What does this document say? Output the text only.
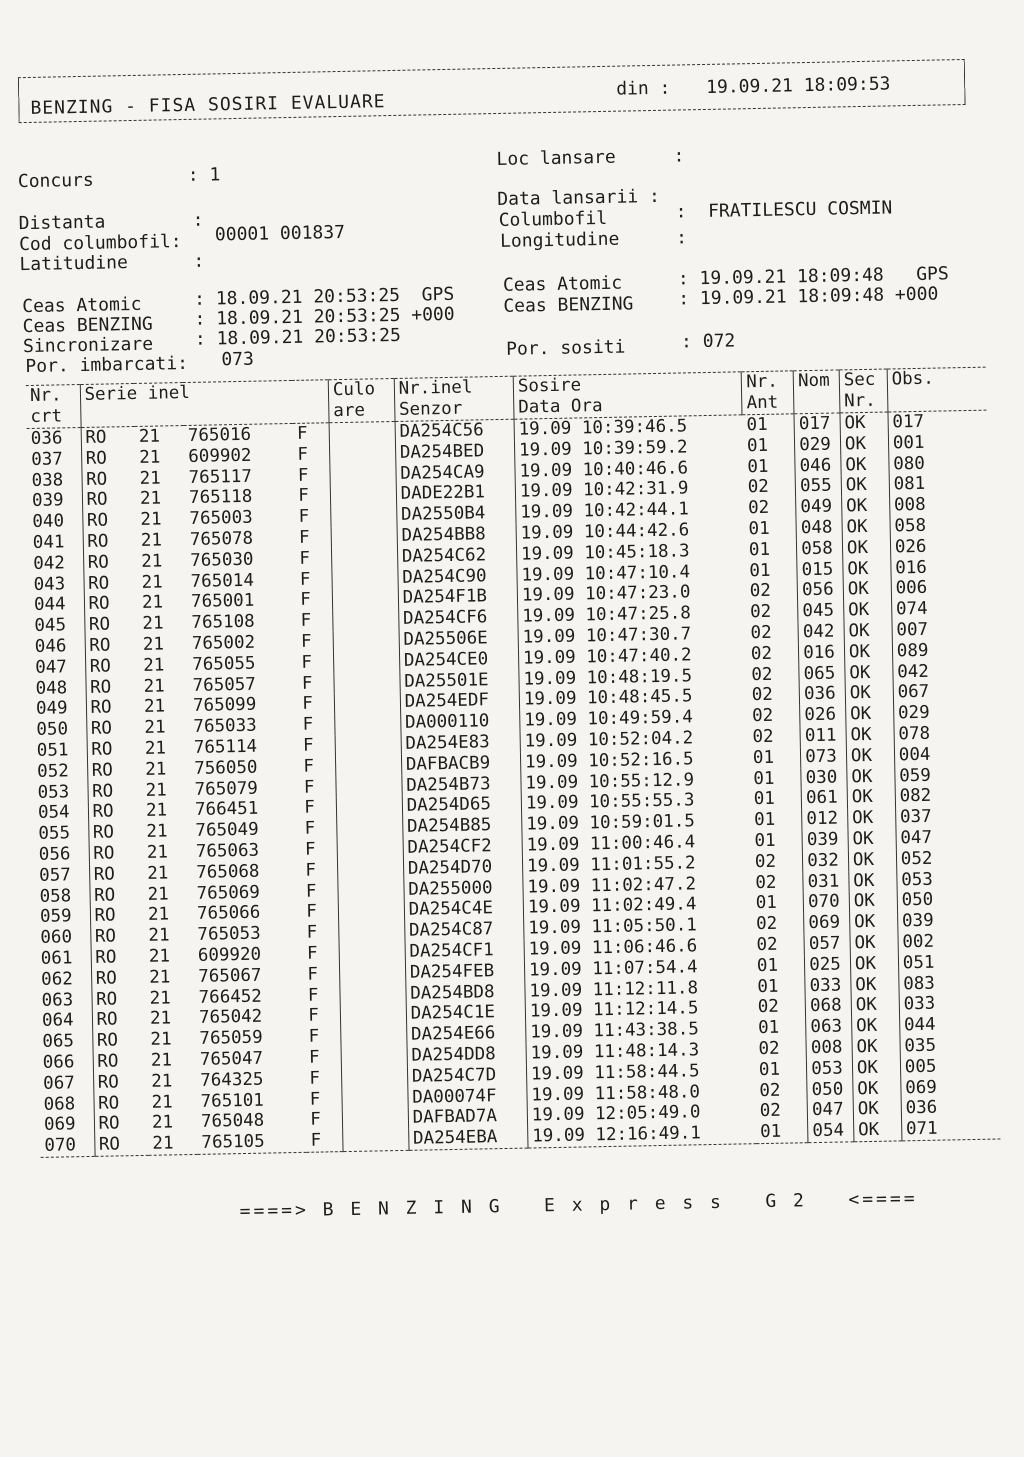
BENZING - FISA SOSIRI EVALUARE
din : 19.09.21 18:09:53
Concurs	: 1
Distanta	:
Cod columbofil: 00001 001837
Latitudine	:
Ceas Atomic	: 18.09.21 20:53:25  GPS
Ceas BENZING : 18.09.21 20:53:25 +000
Sincronizare : 18.09.21 20:53:25
Por. imbarcati: 073
Loc lansare	:
Data lansarii :
Columbofil	:  FRATILESCU COSMIN
Longitudine	:
Ceas Atomic	: 19.09.21 18:09:48   GPS
Ceas BENZING : 19.09.21 18:09:48 +000
Por. sositi	: 072
Nr. crt	Serie inel				Culo are	Nr.inel Senzor	Sosire
Data Ora	Nr. Ant	Nom	Sec Nr.	Obs.
036	RO	21	765016	F		DA254C56	19.09 10:39:46.5	01	017	OK	017
037	RO	21	609902	F		DA254BED	19.09 10:39:59.2	01	029	OK	001
038	RO	21	765117	F		DA254CA9	19.09 10:40:46.6	01	046	OK	080
039	RO	21	765118	F		DADE22B1	19.09 10:42:31.9	02	055	OK	081
040	RO	21	765003	F		DA2550B4	19.09 10:42:44.1	02	049	OK	008
041	RO	21	765078	F		DA254BB8	19.09 10:44:42.6	01	048	OK	058
042	RO	21	765030	F		DA254C62	19.09 10:45:18.3	01	058	OK	026
043	RO	21	765014	F		DA254C90	19.09 10:47:10.4	01	015	OK	016
044	RO	21	765001	F		DA254F1B	19.09 10:47:23.0	02	056	OK	006
045	RO	21	765108	F		DA254CF6	19.09 10:47:25.8	02	045	OK	074
046	RO	21	765002	F		DA25506E	19.09 10:47:30.7	02	042	OK	007
047	RO	21	765055	F		DA254CE0	19.09 10:47:40.2	02	016	OK	089
048	RO	21	765057	F		DA25501E	19.09 10:48:19.5	02	065	OK	042
049	RO	21	765099	F		DA254EDF	19.09 10:48:45.5	02	036	OK	067
050	RO	21	765033	F		DA000110	19.09 10:49:59.4	02	026	OK	029
051	RO	21	765114	F		DA254E83	19.09 10:52:04.2	02	011	OK	078
052	RO	21	756050	F		DAFBACB9	19.09 10:52:16.5	01	073	OK	004
053	RO	21	765079	F		DA254B73	19.09 10:55:12.9	01	030	OK	059
054	RO	21	766451	F		DA254D65	19.09 10:55:55.3	01	061	OK	082
055	RO	21	765049	F		DA254B85	19.09 10:59:01.5	01	012	OK	037
056	RO	21	765063	F		DA254CF2	19.09 11:00:46.4	01	039	OK	047
057	RO	21	765068	F		DA254D70	19.09 11:01:55.2	02	032	OK	052
058	RO	21	765069	F		DA255000	19.09 11:02:47.2	02	031	OK	053
059	RO	21	765066	F		DA254C4E	19.09 11:02:49.4	01	070	OK	050
060	RO	21	765053	F		DA254C87	19.09 11:05:50.1	02	069	OK	039
061	RO	21	609920	F		DA254CF1	19.09 11:06:46.6	02	057	OK	002
062	RO	21	765067	F		DA254FEB	19.09 11:07:54.4	01	025	OK	051
063	RO	21	766452	F		DA254BD8	19.09 11:12:11.8	01	033	OK	083
064	RO	21	765042	F		DA254C1E	19.09 11:12:14.5	02	068	OK	033
065	RO	21	765059	F		DA254E66	19.09 11:43:38.5	01	063	OK	044
066	RO	21	765047	F		DA254DD8	19.09 11:48:14.3	02	008	OK	035
067	RO	21	764325	F		DA254C7D	19.09 11:58:44.5	01	053	OK	005
068	RO	21	765101	F		DA00074F	19.09 11:58:48.0	02	050	OK	069
069	RO	21	765048	F		DAFBAD7A	19.09 12:05:49.0	02	047	OK	036
070	RO	21	765105	F		DA254EBA	19.09 12:16:49.1	01	054	OK	071
====> B E N Z I N G   E x p r e s s   G 2   <====
